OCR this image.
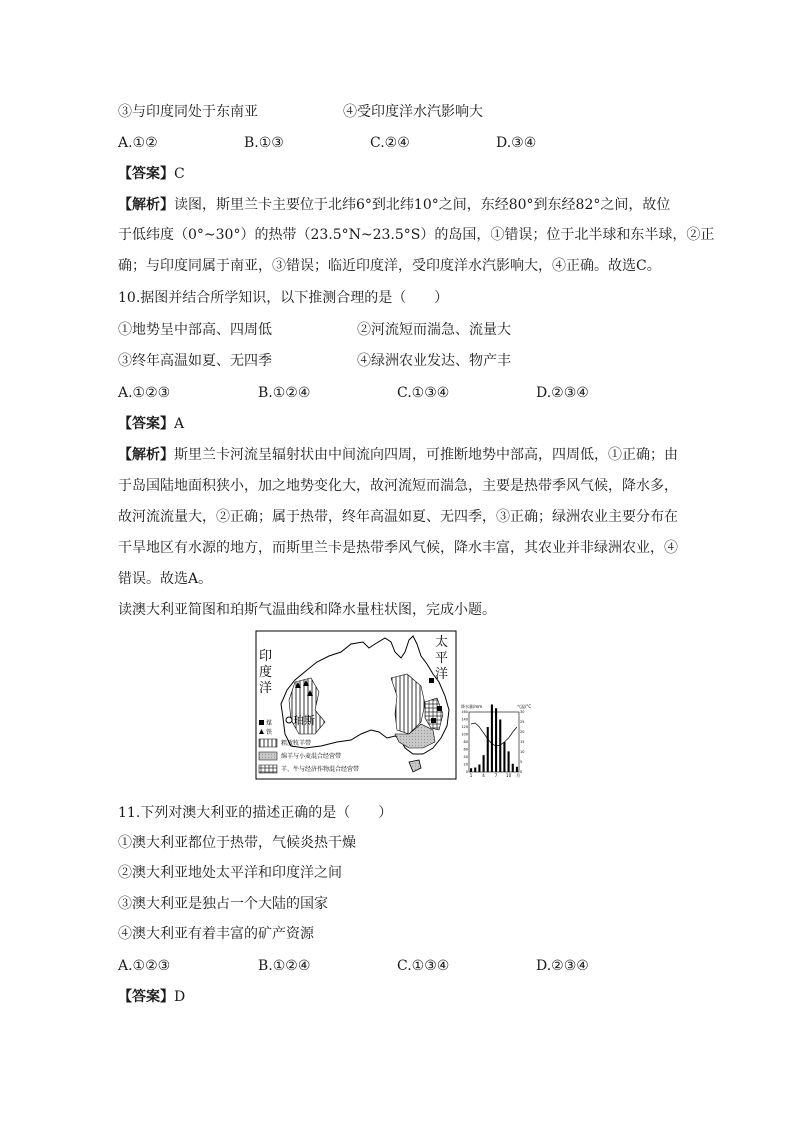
③与印度同处于东南亚	④受印度洋水汽影响大
A.①②	B.①③	C.②④	D.③④
【答案】C
【解析】读图，斯里兰卡主要位于北纬6°到北纬10°之间，东经80°到东经82°之间，故位
于低纬度（0°~30°）的热带（23.5°N~23.5°S）的岛国，①错误；位于北半球和东半球，②正
确；与印度同属于南亚，③错误；临近印度洋，受印度洋水汽影响大，④正确。故选C。
10.据图并结合所学知识，以下推测合理的是（　　）
①地势呈中部高、四周低	②河流短而湍急、流量大
③终年高温如夏、无四季	④绿洲农业发达、物产丰
A.①②③	B.①②④	C.①③④	D.②③④
【答案】A
【解析】斯里兰卡河流呈辐射状由中间流向四周，可推断地势中部高，四周低，①正确；由
于岛国陆地面积狭小，加之地势变化大，故河流短而湍急，主要是热带季风气候，降水多，
故河流流量大，②正确；属于热带，终年高温如夏、无四季，③正确；绿洲农业主要分布在
干旱地区有水源的地方，而斯里兰卡是热带季风气候，降水丰富，其农业并非绿洲农业，④
错误。故选A。
读澳大利亚简图和珀斯气温曲线和降水量柱状图，完成小题。
珀斯
印
度
洋
太
平
洋
煤
铁
粗放牧羊带
绵羊与小麦混合经营带
羊、牛与经济作物混合经营带
降水量/mm	气温/°C
160
140
120
100
80
60
40
20
0
30
25
20
15
10
5
0
1 4 7 10 月
11.下列对澳大利亚的描述正确的是（　　）
①澳大利亚都位于热带，气候炎热干燥
②澳大利亚地处太平洋和印度洋之间
③澳大利亚是独占一个大陆的国家
④澳大利亚有着丰富的矿产资源
A.①②③	B.①②④	C.①③④	D.②③④
【答案】D
